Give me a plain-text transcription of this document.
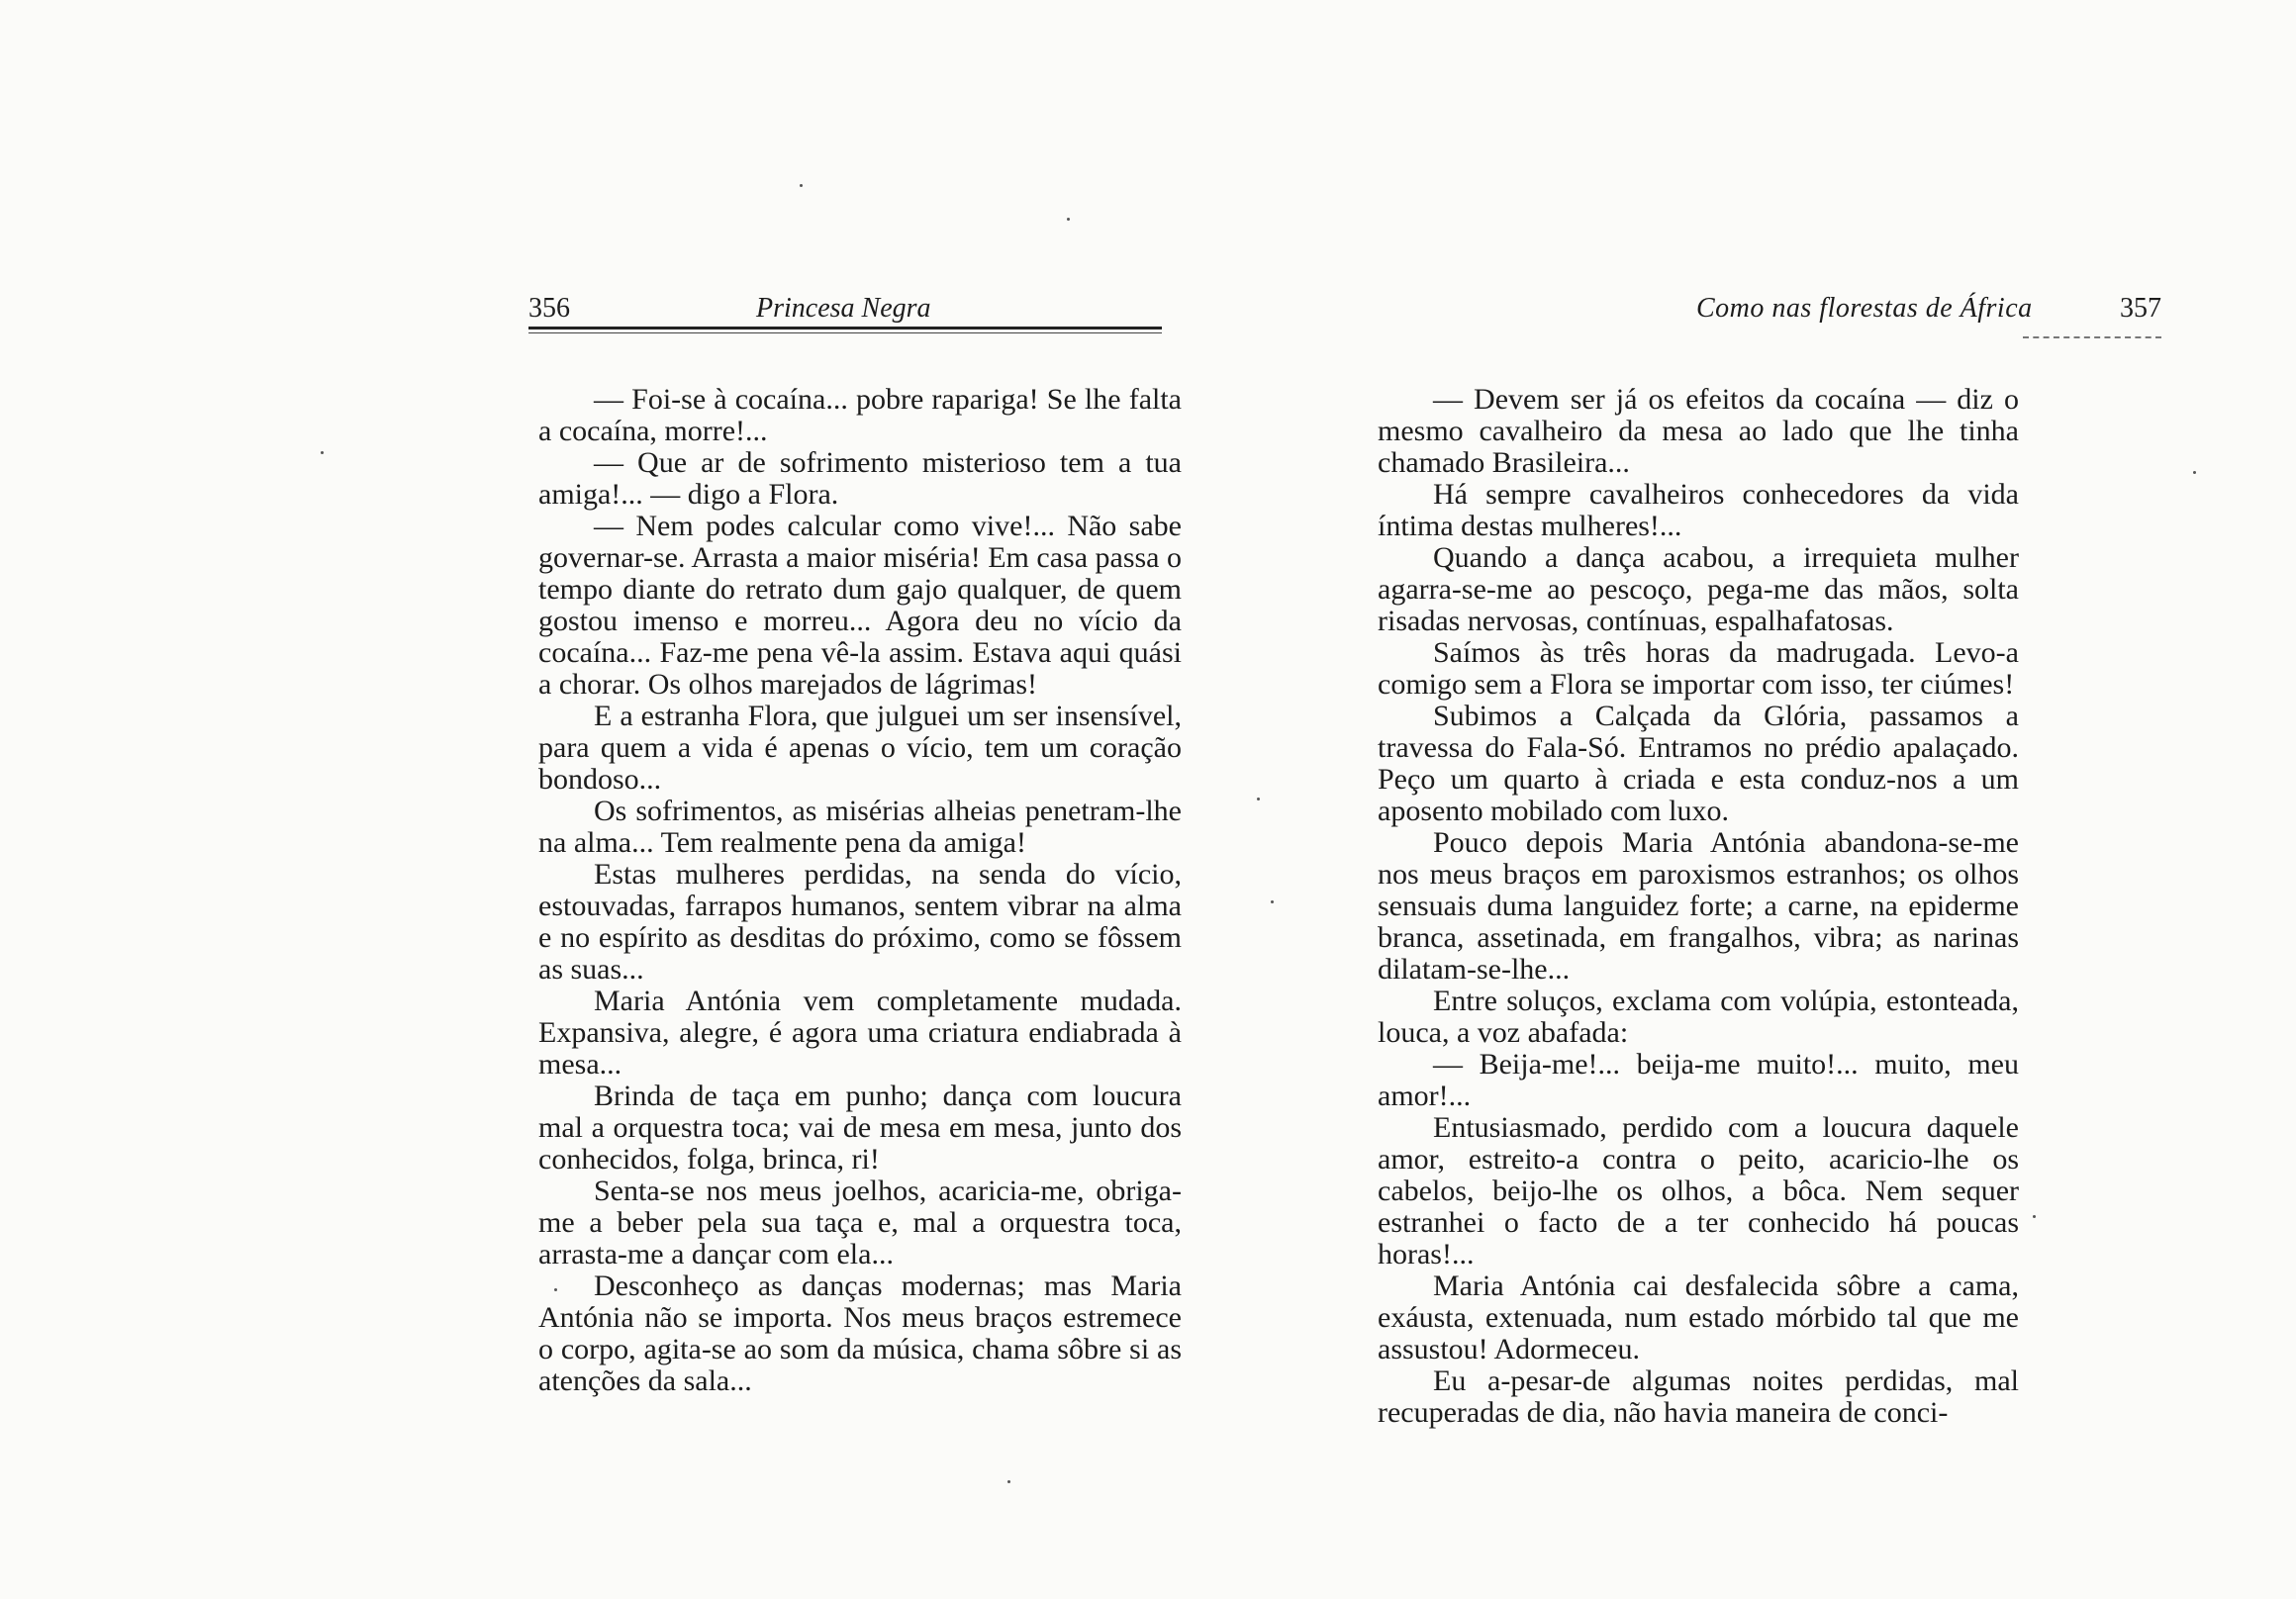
356	Princesa Negra

— Foi-se à cocaína... pobre rapariga! Se lhe falta a cocaína, morre!...

— Que ar de sofrimento misterioso tem a tua amiga!... — digo a Flora.

— Nem podes calcular como vive!... Não sabe governar-se. Arrasta a maior miséria! Em casa passa o tempo diante do retrato dum gajo qualquer, de quem gostou imenso e morreu... Agora deu no vício da cocaína... Faz-me pena vê-la assim. Estava aqui quási a chorar. Os olhos marejados de lágrimas!

E a estranha Flora, que julguei um ser insensível, para quem a vida é apenas o vício, tem um coração bondoso...

Os sofrimentos, as misérias alheias penetram-lhe na alma... Tem realmente pena da amiga!

Estas mulheres perdidas, na senda do vício, estouvadas, farrapos humanos, sentem vibrar na alma e no espírito as desditas do próximo, como se fôssem as suas...

Maria Antónia vem completamente mudada. Expansiva, alegre, é agora uma criatura endiabrada à mesa...

Brinda de taça em punho; dança com loucura mal a orquestra toca; vai de mesa em mesa, junto dos conhecidos, folga, brinca, ri!

Senta-se nos meus joelhos, acaricia-me, obriga-me a beber pela sua taça e, mal a orquestra toca, arrasta-me a dançar com ela...

Desconheço as danças modernas; mas Maria Antónia não se importa. Nos meus braços estremece o corpo, agita-se ao som da música, chama sôbre si as atenções da sala...

Como nas florestas de África	357

— Devem ser já os efeitos da cocaína — diz o mesmo cavalheiro da mesa ao lado que lhe tinha chamado Brasileira...

Há sempre cavalheiros conhecedores da vida íntima destas mulheres!...

Quando a dança acabou, a irrequieta mulher agarra-se-me ao pescoço, pega-me das mãos, solta risadas nervosas, contínuas, espalhafatosas.

Saímos às três horas da madrugada. Levo-a comigo sem a Flora se importar com isso, ter ciúmes!

Subimos a Calçada da Glória, passamos a travessa do Fala-Só. Entramos no prédio apalaçado. Peço um quarto à criada e esta conduz-nos a um aposento mobilado com luxo.

Pouco depois Maria Antónia abandona-se-me nos meus braços em paroxismos estranhos; os olhos sensuais duma languidez forte; a carne, na epiderme branca, assetinada, em frangalhos, vibra; as narinas dilatam-se-lhe...

Entre soluços, exclama com volúpia, estonteada, louca, a voz abafada:

— Beija-me!... beija-me muito!... muito, meu amor!...

Entusiasmado, perdido com a loucura daquele amor, estreito-a contra o peito, acaricio-lhe os cabelos, beijo-lhe os olhos, a bôca. Nem sequer estranhei o facto de a ter conhecido há poucas horas!...

Maria Antónia cai desfalecida sôbre a cama, exáusta, extenuada, num estado mórbido tal que me assustou! Adormeceu.

Eu a-pesar-de algumas noites perdidas, mal recuperadas de dia, não havia maneira de conci-
